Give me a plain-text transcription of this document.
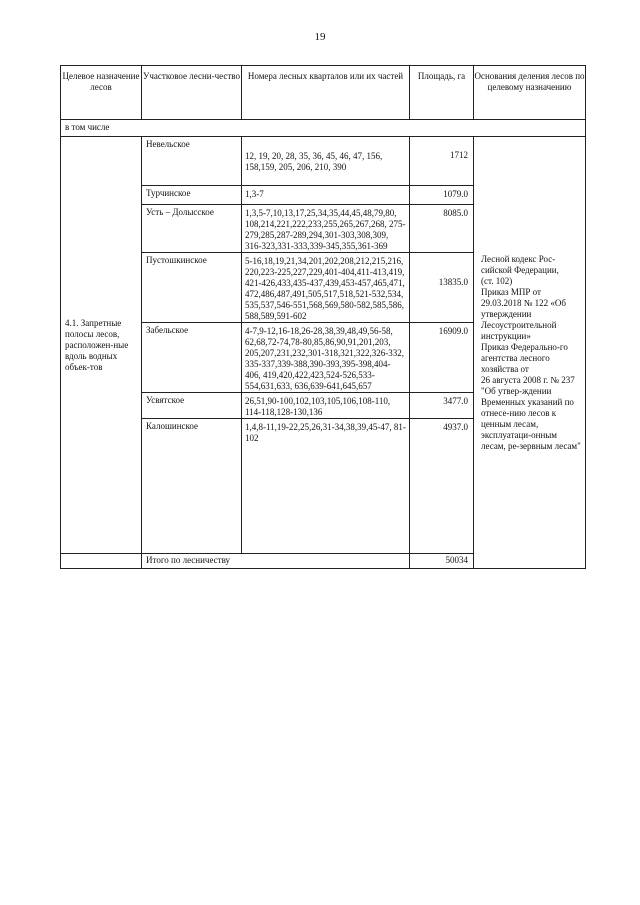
19
Целевое назначение лесов	Участковое лесни-чество	Номера лесных кварталов или их частей	Площадь, га	Основания деления лесов по целевому назначению

в том числе				

4.1. Запретные полосы лесов, расположен-ные вдоль водных объек-тов	Невельское	12, 19, 20, 28, 35, 36, 45, 46, 47, 156, 158,159, 205, 206, 210, 390	1712	Лесной кодекс Рос-сийской Федерации,
(ст. 102)
Приказ МПР от 29.03.2018 № 122 «Об утверждении Лесоустроительной инструкции»
Приказ Федерально-го агентства лесного хозяйства от
26 августа 2008 г. № 237 "Об утвер-ждении Временных указаний по отнесе-нию лесов к ценным лесам, эксплуатаци-онным лесам, ре-зервным лесам"

	Турчинское	1,3-7	1079.0	

	Усть – Долысское	1,3,5-7,10,13,17,25,34,35,44,45,48,79,80, 108,214,221,222,233,255,265,267,268, 275-279,285,287-289,294,301-303,308,309, 316-323,331-333,339-345,355,361-369	8085.0	

	Пустошкинское	5-16,18,19,21,34,201,202,208,212,215,216, 220,223-225,227,229,401-404,411-413,419, 421-426,433,435-437,439,453-457,465,471, 472,486,487,491,505,517,518,521-532,534, 535,537,546-551,568,569,580-582,585,586, 588,589,591-602	13835.0	

	Забельское	4-7,9-12,16-18,26-28,38,39,48,49,56-58, 62,68,72-74,78-80,85,86,90,91,201,203, 205,207,231,232,301-318,321,322,326-332, 335-337,339-388,390-393,395-398,404-406, 419,420,422,423,524-526,533-554,631,633, 636,639-641,645,657	16909.0	

	Усвятское	26,51,90-100,102,103,105,106,108-110, 114-118,128-130,136	3477.0	

	Калошинское	1,4,8-11,19-22,25,26,31-34,38,39,45-47, 81-102	4937.0	

	Итого по лесничеству		50034	
